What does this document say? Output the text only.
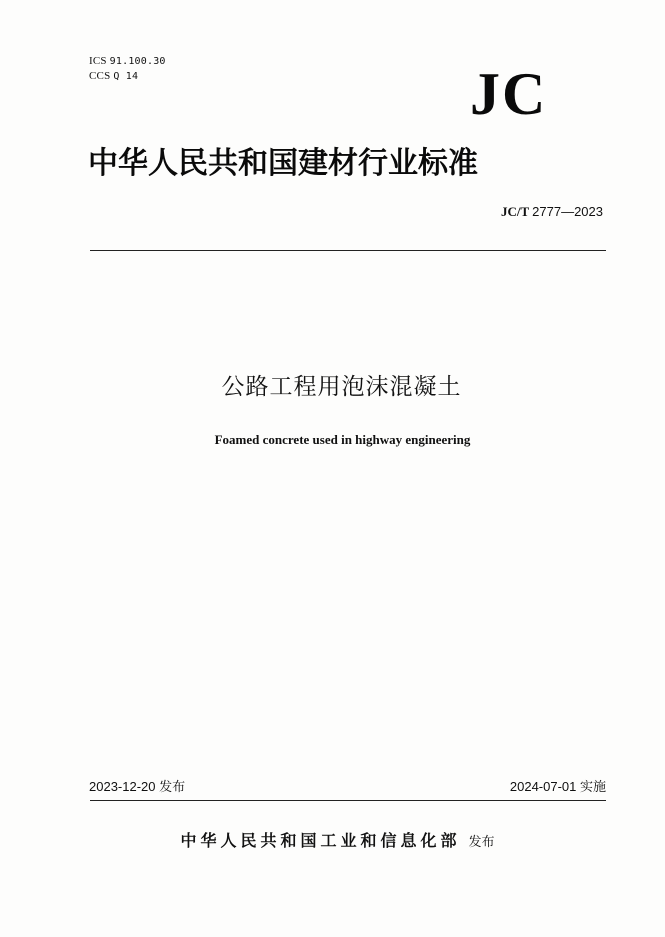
ICS 91.100.30
CCS Q 14	JC
中华人民共和国建材行业标准
JC/T 2777—2023
公路工程用泡沫混凝土
Foamed concrete used in highway engineering
2023-12-20 发布	2024-07-01 实施
中华人民共和国工业和信息化部 发布
